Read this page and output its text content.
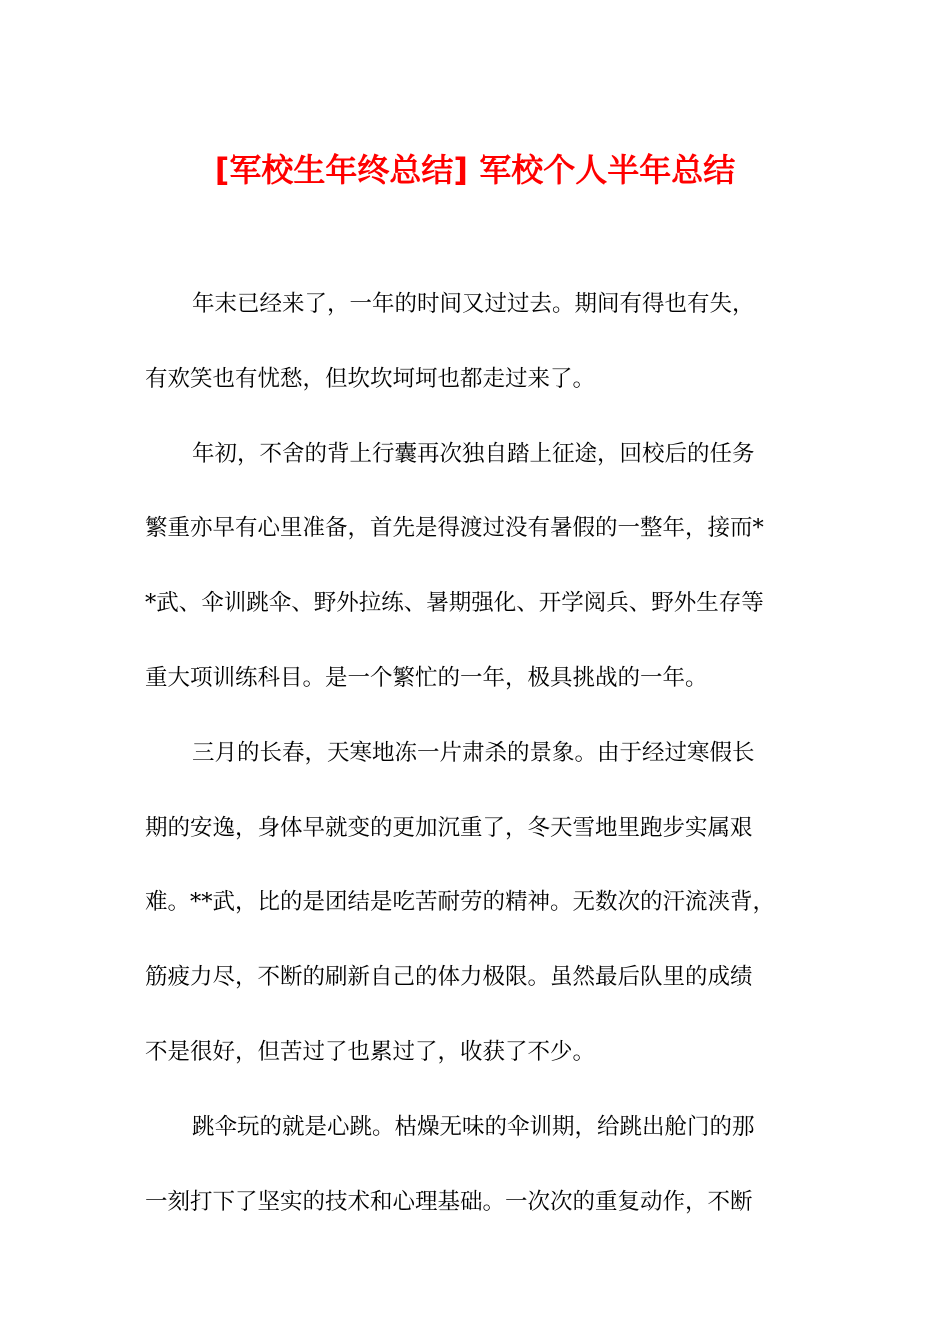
[军校生年终总结] 军校个人半年总结
年末已经来了，一年的时间又过过去。期间有得也有失，
有欢笑也有忧愁，但坎坎坷坷也都走过来了。
年初，不舍的背上行囊再次独自踏上征途，回校后的任务
繁重亦早有心里准备，首先是得渡过没有暑假的一整年，接而*
*武、伞训跳伞、野外拉练、暑期强化、开学阅兵、野外生存等
重大项训练科目。是一个繁忙的一年，极具挑战的一年。
三月的长春，天寒地冻一片肃杀的景象。由于经过寒假长
期的安逸，身体早就变的更加沉重了，冬天雪地里跑步实属艰
难。**武，比的是团结是吃苦耐劳的精神。无数次的汗流浃背，
筋疲力尽，不断的刷新自己的体力极限。虽然最后队里的成绩
不是很好，但苦过了也累过了，收获了不少。
跳伞玩的就是心跳。枯燥无味的伞训期，给跳出舱门的那
一刻打下了坚实的技术和心理基础。一次次的重复动作，不断
